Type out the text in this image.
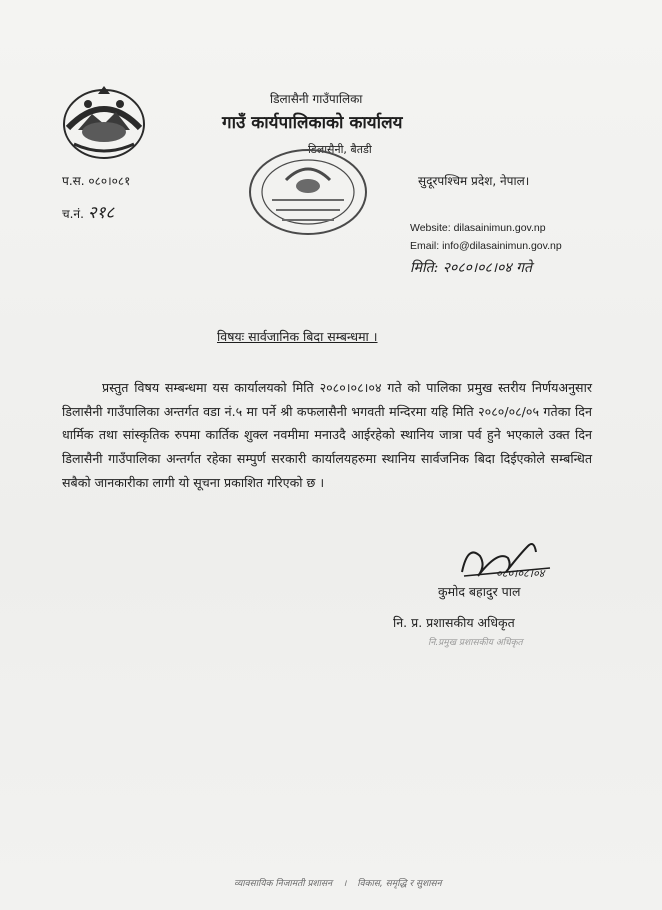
डिलासैनी गाउँपालिका
गाउँ कार्यपालिकाको कार्यालय
डिलासैनी, बैतडी
सुदूरपश्चिम प्रदेश, नेपाल।
प.स. ०८०।०८१
च.नं. २१८
Website: dilasainimun.gov.np
Email: info@dilasainimun.gov.np
मिति: २०८०।०८।०४ गते
विषयः सार्वजानिक बिदा सम्बन्धमा ।

प्रस्तुत विषय सम्बन्धमा यस कार्यालयको मिति २०८०।०८।०४ गते को पालिका प्रमुख स्तरीय निर्णयअनुसार डिलासैनी गाउँपालिका अन्तर्गत वडा नं.५ मा पर्ने श्री कफलासैनी भगवती मन्दिरमा यहि मिति २०८०/०८/०५ गतेका दिन धार्मिक तथा सांस्कृतिक रुपमा कार्तिक शुक्ल नवमीमा मनाउदै आईरहेको स्थानिय जात्रा पर्व हुने भएकाले उक्त दिन डिलासैनी गाउँपालिका अन्तर्गत रहेका सम्पुर्ण सरकारी कार्यालयहरुमा स्थानिय सार्वजनिक बिदा दिईएकोले सम्बन्धित सबैको जानकारीका लागी यो सूचना प्रकाशित गरिएको छ ।

०८०।०८।०४
कुमोद बहादुर पाल
नि. प्र. प्रशासकीय अधिकृत
नि.प्रमुख प्रशासकीय अधिकृत
व्यावसायिक निजामती प्रशासन । विकास, समृद्धि र सुशासन
